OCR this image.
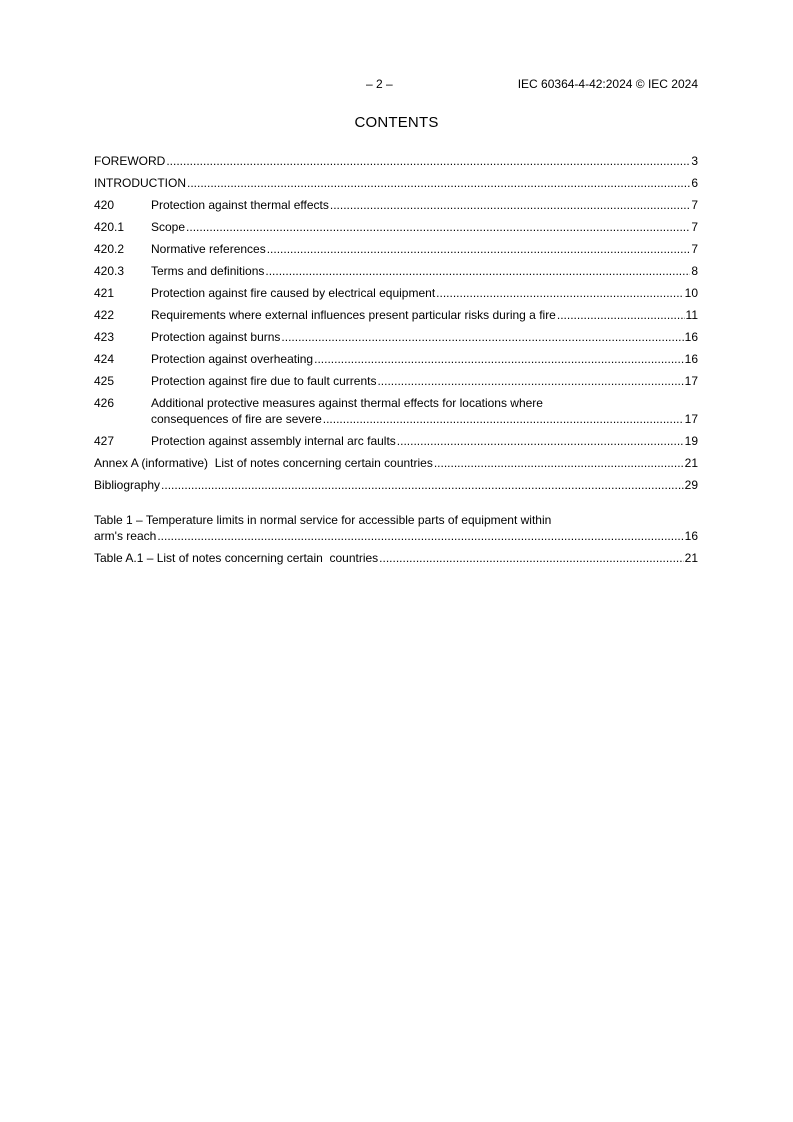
– 2 –	IEC 60364-4-42:2024 © IEC 2024
CONTENTS
FOREWORD .....	3
INTRODUCTION .....	6
420	Protection against thermal effects .....	7
420.1	Scope .....	7
420.2	Normative references .....	7
420.3	Terms and definitions .....	8
421	Protection against fire caused by electrical equipment .....	10
422	Requirements where external influences present particular risks during a fire .....	11
423	Protection against burns .....	16
424	Protection against overheating .....	16
425	Protection against fire due to fault currents .....	17
426	Additional protective measures against thermal effects for locations where
consequences of fire are severe .....	17
427	Protection against assembly internal arc faults .....	19
Annex A (informative)  List of notes concerning certain countries .....	21
Bibliography .....	29
Table 1 – Temperature limits in normal service for accessible parts of equipment within
arm's reach .....	16
Table A.1 – List of notes concerning certain  countries .....	21
